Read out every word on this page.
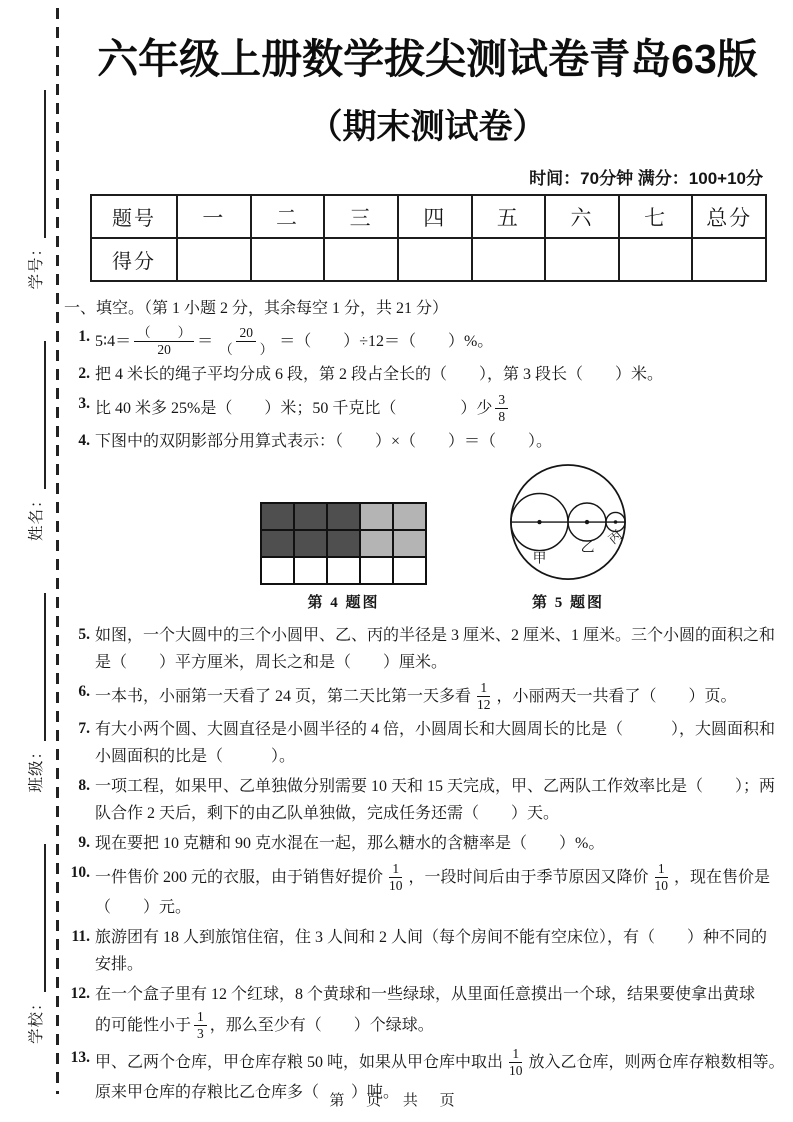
学校：
班级：
姓名：
学号：
六年级上册数学拔尖测试卷青岛63版
（期末测试卷）
时间：70分钟 满分：100+10分
题号	一	二	三	四	五	六	七	总分
得分								
一、填空。（第 1 小题 2 分，其余每空 1 分，共 21 分）
1. 5∶4＝ $\frac{( )}{20} = \frac{20}{( )}$ ＝（　　）÷12＝（　　）%。
2. 把 4 米长的绳子平均分成 6 段，第 2 段占全长的（　　），第 3 段长（　　）米。
3. 比 40 米多 25%是（　　）米；50 千克比（　　　　）少 $\frac{3}{8}$
4. 下图中的双阴影部分用算式表示：（　　）×（　　）＝（　　）。
第 4 题图
甲
乙
丙
第 5 题图
5. 如图，一个大圆中的三个小圆甲、乙、丙的半径是 3 厘米、2 厘米、1 厘米。三个小圆的面积之和
是（　　）平方厘米，周长之和是（　　）厘米。
6. 一本书，小丽第一天看了 24 页，第二天比第一天多看 $\frac{1}{12}$ ，小丽两天一共看了（　　）页。
7. 有大小两个圆、大圆直径是小圆半径的 4 倍，小圆周长和大圆周长的比是（　　　），大圆面积和
小圆面积的比是（　　　）。
8. 一项工程，如果甲、乙单独做分别需要 10 天和 15 天完成，甲、乙两队工作效率比是（　　）；两
队合作 2 天后，剩下的由乙队单独做，完成任务还需（　　）天。
9. 现在要把 10 克糖和 90 克水混在一起，那么糖水的含糖率是（　　）%。
10. 一件售价 200 元的衣服，由于销售好提价 $\frac{1}{10}$ ，一段时间后由于季节原因又降价 $\frac{1}{10}$ ，现在售价是
（　　）元。
11. 旅游团有 18 人到旅馆住宿，住 3 人间和 2 人间（每个房间不能有空床位），有（　　）种不同的
安排。
12. 在一个盒子里有 12 个红球，8 个黄球和一些绿球，从里面任意摸出一个球，结果要使拿出黄球
的可能性小于 $\frac{1}{3}$ ，那么至少有（　　）个绿球。
13. 甲、乙两个仓库，甲仓库存粮 50 吨，如果从甲仓库中取出 $\frac{1}{10}$ 放入乙仓库，则两仓库存粮数相等。
原来甲仓库的存粮比乙仓库多（　　）吨。
第 页 共 页
